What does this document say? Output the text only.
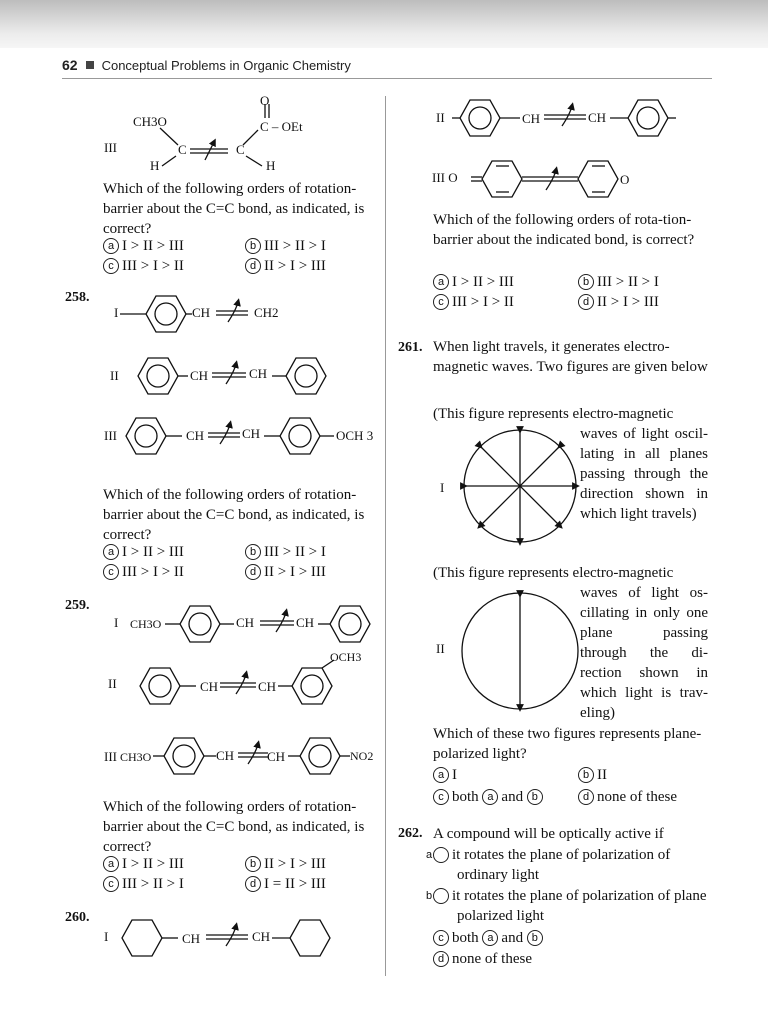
62 Conceptual Problems in Organic Chemistry
CH3O
O
C – OEt
III	C	C
H	H
Which of the following orders of rotation-barrier about the C=C bond, as indicated, is correct?
a I > II > III	b III > II > I
c III > I > II	d II > I > III
258.
I	CH	CH2
II	CH	CH
III	CH	CH	OCH 3
Which of the following orders of rotation-barrier about the C=C bond, as indicated, is correct?
a I > II > III	b III > II > I
c III > I > II	d II > I > III
259.
I CH3O	CH	CH
OCH3
II	CH	CH
III CH3O	CH	CH	NO2
Which of the following orders of rotation-barrier about the C=C bond, as indicated, is correct?
a I > II > III	b II > I > III
c III > II > I	d I = II > III
260.
I	CH	CH
II	CH	CH
III O	O
Which of the following orders of rota-tion-barrier about the indicated bond, is correct?
a I > II > III	b III > II > I
c III > I > II	d II > I > III
261. When light travels, it generates electro-magnetic waves. Two figures are given below
(This figure represents electro-magnetic
waves of light oscil-lating in all planes passing through the direction shown in which light travels)
I
(This figure represents electro-magnetic
waves of light os-cillating in only one plane passing through the di-rection shown in which light is trav-eling)
II
Which of these two figures represents plane-polarized light?
a I	b II
c both a and b	d none of these
262. A compound will be optically active if
a it rotates the plane of polarization of ordinary light
b it rotates the plane of polarization of plane polarized light
c both a and b
d none of these
